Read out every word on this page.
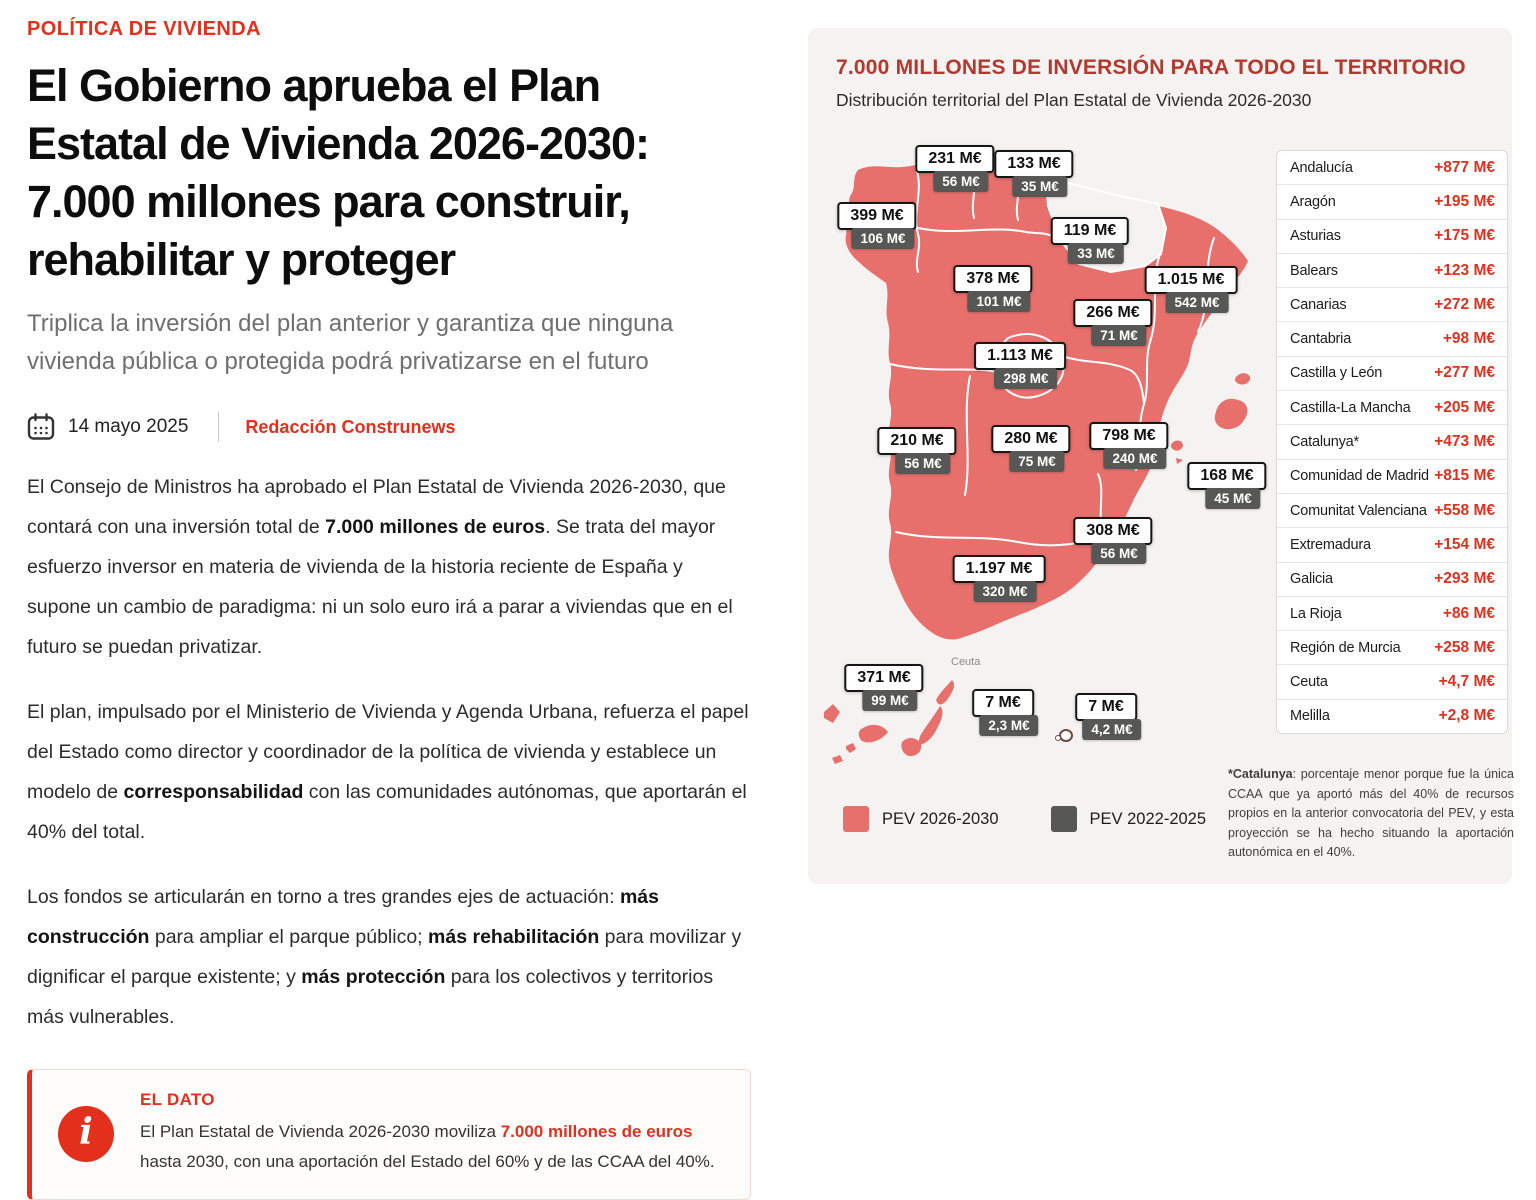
POLÍTICA DE VIVIENDA
El Gobierno aprueba el Plan Estatal de Vivienda 2026-2030: 7.000 millones para construir, rehabilitar y proteger
Triplica la inversión del plan anterior y garantiza que ninguna vivienda pública o protegida podrá privatizarse en el futuro
14 mayo 2025	Redacción Construnews

El Consejo de Ministros ha aprobado el Plan Estatal de Vivienda 2026-2030, que contará con una inversión total de 7.000 millones de euros. Se trata del mayor esfuerzo inversor en materia de vivienda de la historia reciente de España y supone un cambio de paradigma: ni un solo euro irá a parar a viviendas que en el futuro se puedan privatizar.

El plan, impulsado por el Ministerio de Vivienda y Agenda Urbana, refuerza el papel del Estado como director y coordinador de la política de vivienda y establece un modelo de corresponsabilidad con las comunidades autónomas, que aportarán el 40% del total.

Los fondos se articularán en torno a tres grandes ejes de actuación: más construcción para ampliar el parque público; más rehabilitación para movilizar y dignificar el parque existente; y más protección para los colectivos y territorios más vulnerables.

i
EL DATO

El Plan Estatal de Vivienda 2026-2030 moviliza 7.000 millones de euros hasta 2030, con una aportación del Estado del 60% y de las CCAA del 40%.

7.000 MILLONES DE INVERSIÓN PARA TODO EL TERRITORIO
Distribución territorial del Plan Estatal de Vivienda 2026-2030
Ceuta
231 M€
56 M€
133 M€
35 M€
399 M€
106 M€	119 M€
33 M€
378 M€
101 M€
1.015 M€
542 M€
266 M€
71 M€
1.113 M€
298 M€
210 M€
56 M€
280 M€
75 M€
798 M€
240 M€
168 M€
45 M€
308 M€
56 M€
1.197 M€
320 M€
371 M€
99 M€	7 M€
2,3 M€
7 M€
4,2 M€
PEV 2026-2030	PEV 2022-2025
Andalucía	+877 M€
Aragón	+195 M€
Asturias	+175 M€
Balears	+123 M€
Canarias	+272 M€
Cantabria	+98 M€
Castilla y León	+277 M€
Castilla-La Mancha +205 M€
Catalunya*	+473 M€
Comunidad de Madrid +815 M€
Comunitat Valenciana +558 M€
Extremadura	+154 M€
Galicia	+293 M€
La Rioja	+86 M€
Región de Murcia +258 M€
Ceuta	+4,7 M€
Melilla	+2,8 M€

*Catalunya: porcentaje menor porque fue la única CCAA que ya aportó más del 40% de recursos propios en la anterior convocatoria del PEV, y esta proyección se ha hecho situando la aportación autonómica en el 40%.
